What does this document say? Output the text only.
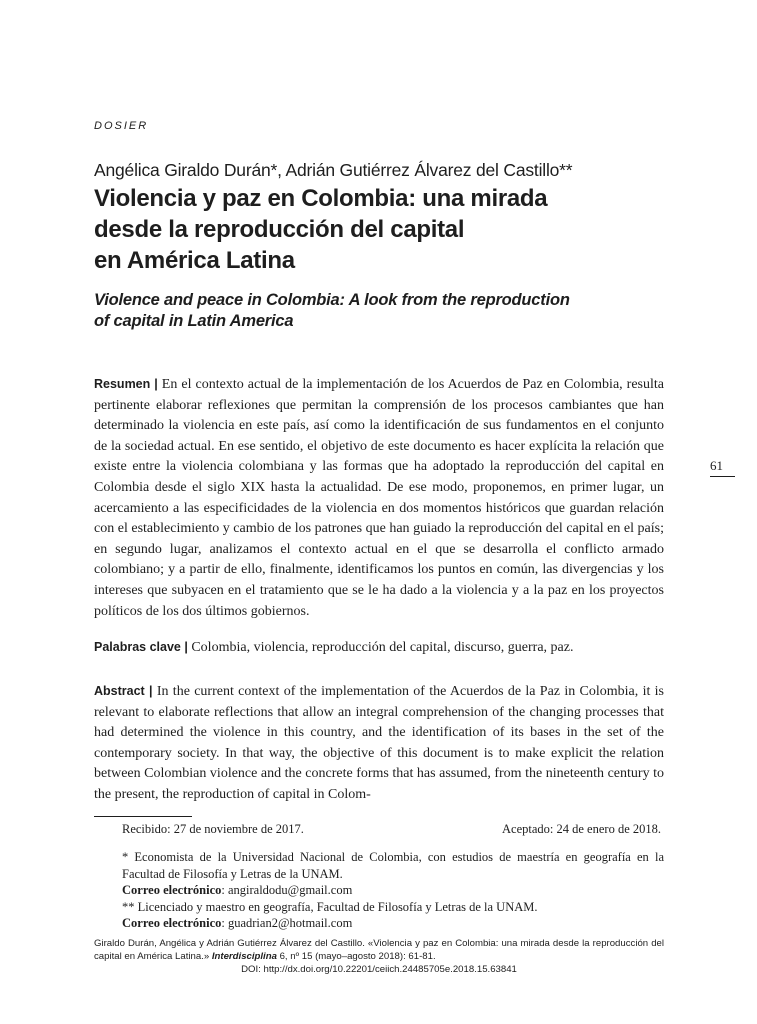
DOSIER
Angélica Giraldo Durán*, Adrián Gutiérrez Álvarez del Castillo**
Violencia y paz en Colombia: una mirada
desde la reproducción del capital
en América Latina
Violence and peace in Colombia: A look from the reproduction
of capital in Latin America
Resumen | En el contexto actual de la implementación de los Acuerdos de Paz en Colombia, resulta pertinente elaborar reflexiones que permitan la comprensión de los procesos cambiantes que han determinado la violencia en este país, así como la identificación de sus fundamentos en el conjunto de la sociedad actual. En ese sentido, el objetivo de este documento es hacer explícita la relación que existe entre la violencia colombiana y las formas que ha adoptado la reproducción del capital en Colombia desde el siglo XIX hasta la actualidad. De ese modo, proponemos, en primer lugar, un acercamiento a las especificidades de la violencia en dos momentos históricos que guardan relación con el establecimiento y cambio de los patrones que han guiado la reproducción del capital en el país; en segundo lugar, analizamos el contexto actual en el que se desarrolla el conflicto armado colombiano; y a partir de ello, finalmente, identificamos los puntos en común, las divergencias y los intereses que subyacen en el tratamiento que se le ha dado a la violencia y a la paz en los proyectos políticos de los dos últimos gobiernos.
Palabras clave | Colombia, violencia, reproducción del capital, discurso, guerra, paz.
Abstract | In the current context of the implementation of the Acuerdos de la Paz in Colombia, it is relevant to elaborate reflections that allow an integral comprehension of the changing processes that had determined the violence in this country, and the identification of its bases in the set of the contemporary society. In that way, the objective of this document is to make explicit the relation between Colombian violence and the concrete forms that has assumed, from the nineteenth century to the present, the reproduction of capital in Colom-
61
Recibido: 27 de noviembre de 2017.	Aceptado: 24 de enero de 2018.
* Economista de la Universidad Nacional de Colombia, con estudios de maestría en geografía en la Facultad de Filosofía y Letras de la UNAM.
Correo electrónico: angiraldodu@gmail.com
** Licenciado y maestro en geografía, Facultad de Filosofía y Letras de la UNAM.
Correo electrónico: guadrian2@hotmail.com
Giraldo Durán, Angélica y Adrián Gutiérrez Álvarez del Castillo. «Violencia y paz en Colombia: una mirada desde la reproducción del capital en América Latina.» Interdisciplina 6, nº 15 (mayo–agosto 2018): 61-81.
DOI: http://dx.doi.org/10.22201/ceiich.24485705e.2018.15.63841
